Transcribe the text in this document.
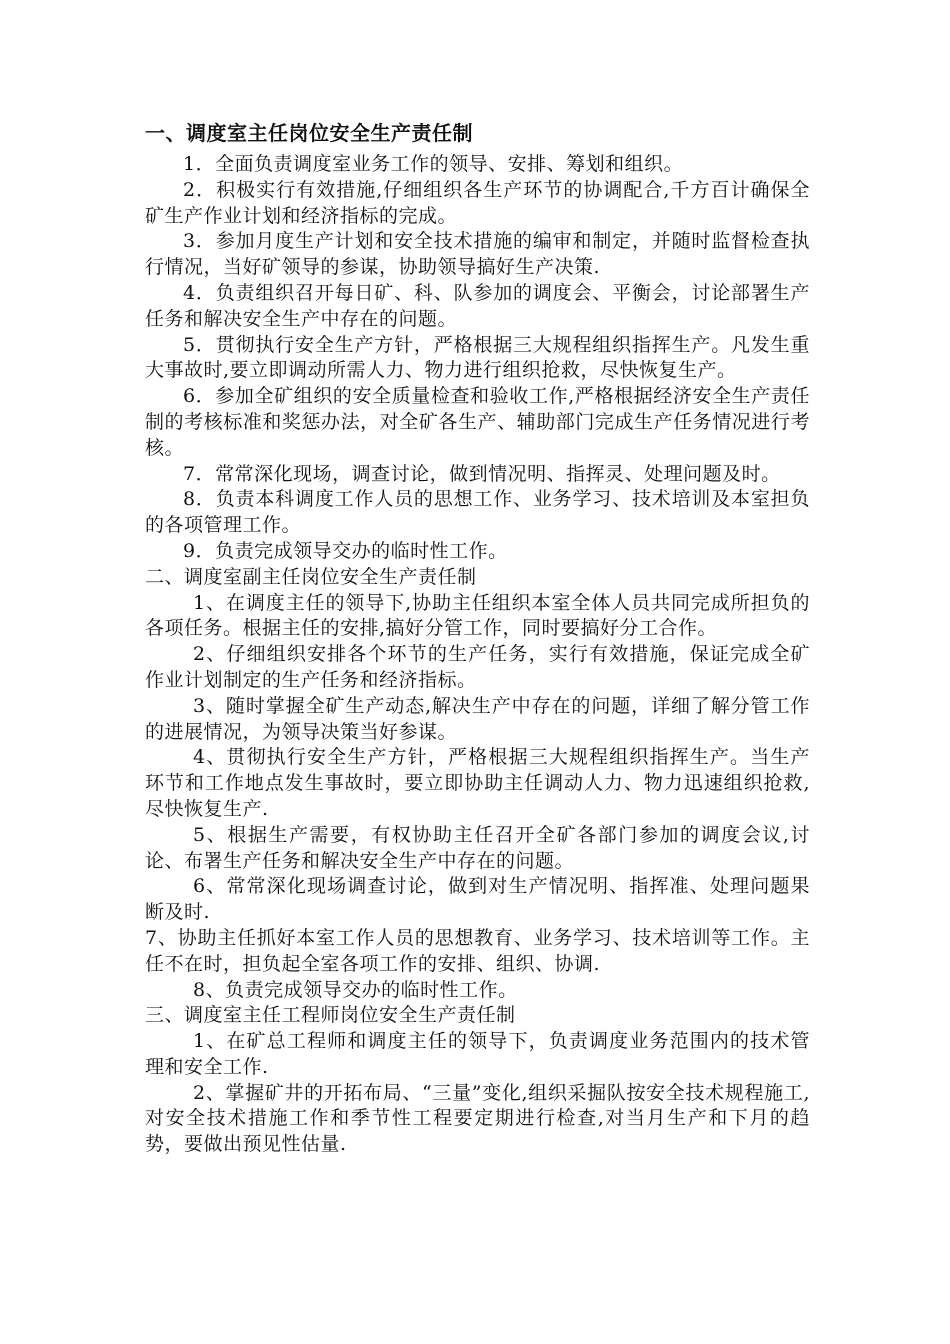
一、调度室主任岗位安全生产责任制

1．全面负责调度室业务工作的领导、安排、筹划和组织。

2．积极实行有效措施,仔细组织各生产环节的协调配合,千方百计确保全矿生产作业计划和经济指标的完成。

3．参加月度生产计划和安全技术措施的编审和制定，并随时监督检查执行情况，当好矿领导的参谋，协助领导搞好生产决策.

4．负责组织召开每日矿、科、队参加的调度会、平衡会，讨论部署生产任务和解决安全生产中存在的问题。

5．贯彻执行安全生产方针，严格根据三大规程组织指挥生产。凡发生重大事故时,要立即调动所需人力、物力进行组织抢救，尽快恢复生产。

6．参加全矿组织的安全质量检查和验收工作,严格根据经济安全生产责任制的考核标准和奖惩办法，对全矿各生产、辅助部门完成生产任务情况进行考核。

7．常常深化现场，调查讨论，做到情况明、指挥灵、处理问题及时。

8．负责本科调度工作人员的思想工作、业务学习、技术培训及本室担负的各项管理工作。

9．负责完成领导交办的临时性工作。

二、调度室副主任岗位安全生产责任制

1、在调度主任的领导下,协助主任组织本室全体人员共同完成所担负的各项任务。根据主任的安排,搞好分管工作，同时要搞好分工合作。

2、仔细组织安排各个环节的生产任务，实行有效措施，保证完成全矿作业计划制定的生产任务和经济指标。

3、随时掌握全矿生产动态,解决生产中存在的问题，详细了解分管工作的进展情况，为领导决策当好参谋。

4、贯彻执行安全生产方针，严格根据三大规程组织指挥生产。当生产环节和工作地点发生事故时，要立即协助主任调动人力、物力迅速组织抢救,尽快恢复生产.

5、根据生产需要，有权协助主任召开全矿各部门参加的调度会议,讨论、布署生产任务和解决安全生产中存在的问题。

6、常常深化现场调查讨论，做到对生产情况明、指挥准、处理问题果断及时.

7、协助主任抓好本室工作人员的思想教育、业务学习、技术培训等工作。主任不在时，担负起全室各项工作的安排、组织、协调.

8、负责完成领导交办的临时性工作。

三、调度室主任工程师岗位安全生产责任制

1、在矿总工程师和调度主任的领导下，负责调度业务范围内的技术管理和安全工作.

2、掌握矿井的开拓布局、“三量”变化,组织采掘队按安全技术规程施工,对安全技术措施工作和季节性工程要定期进行检查,对当月生产和下月的趋势，要做出预见性估量.
